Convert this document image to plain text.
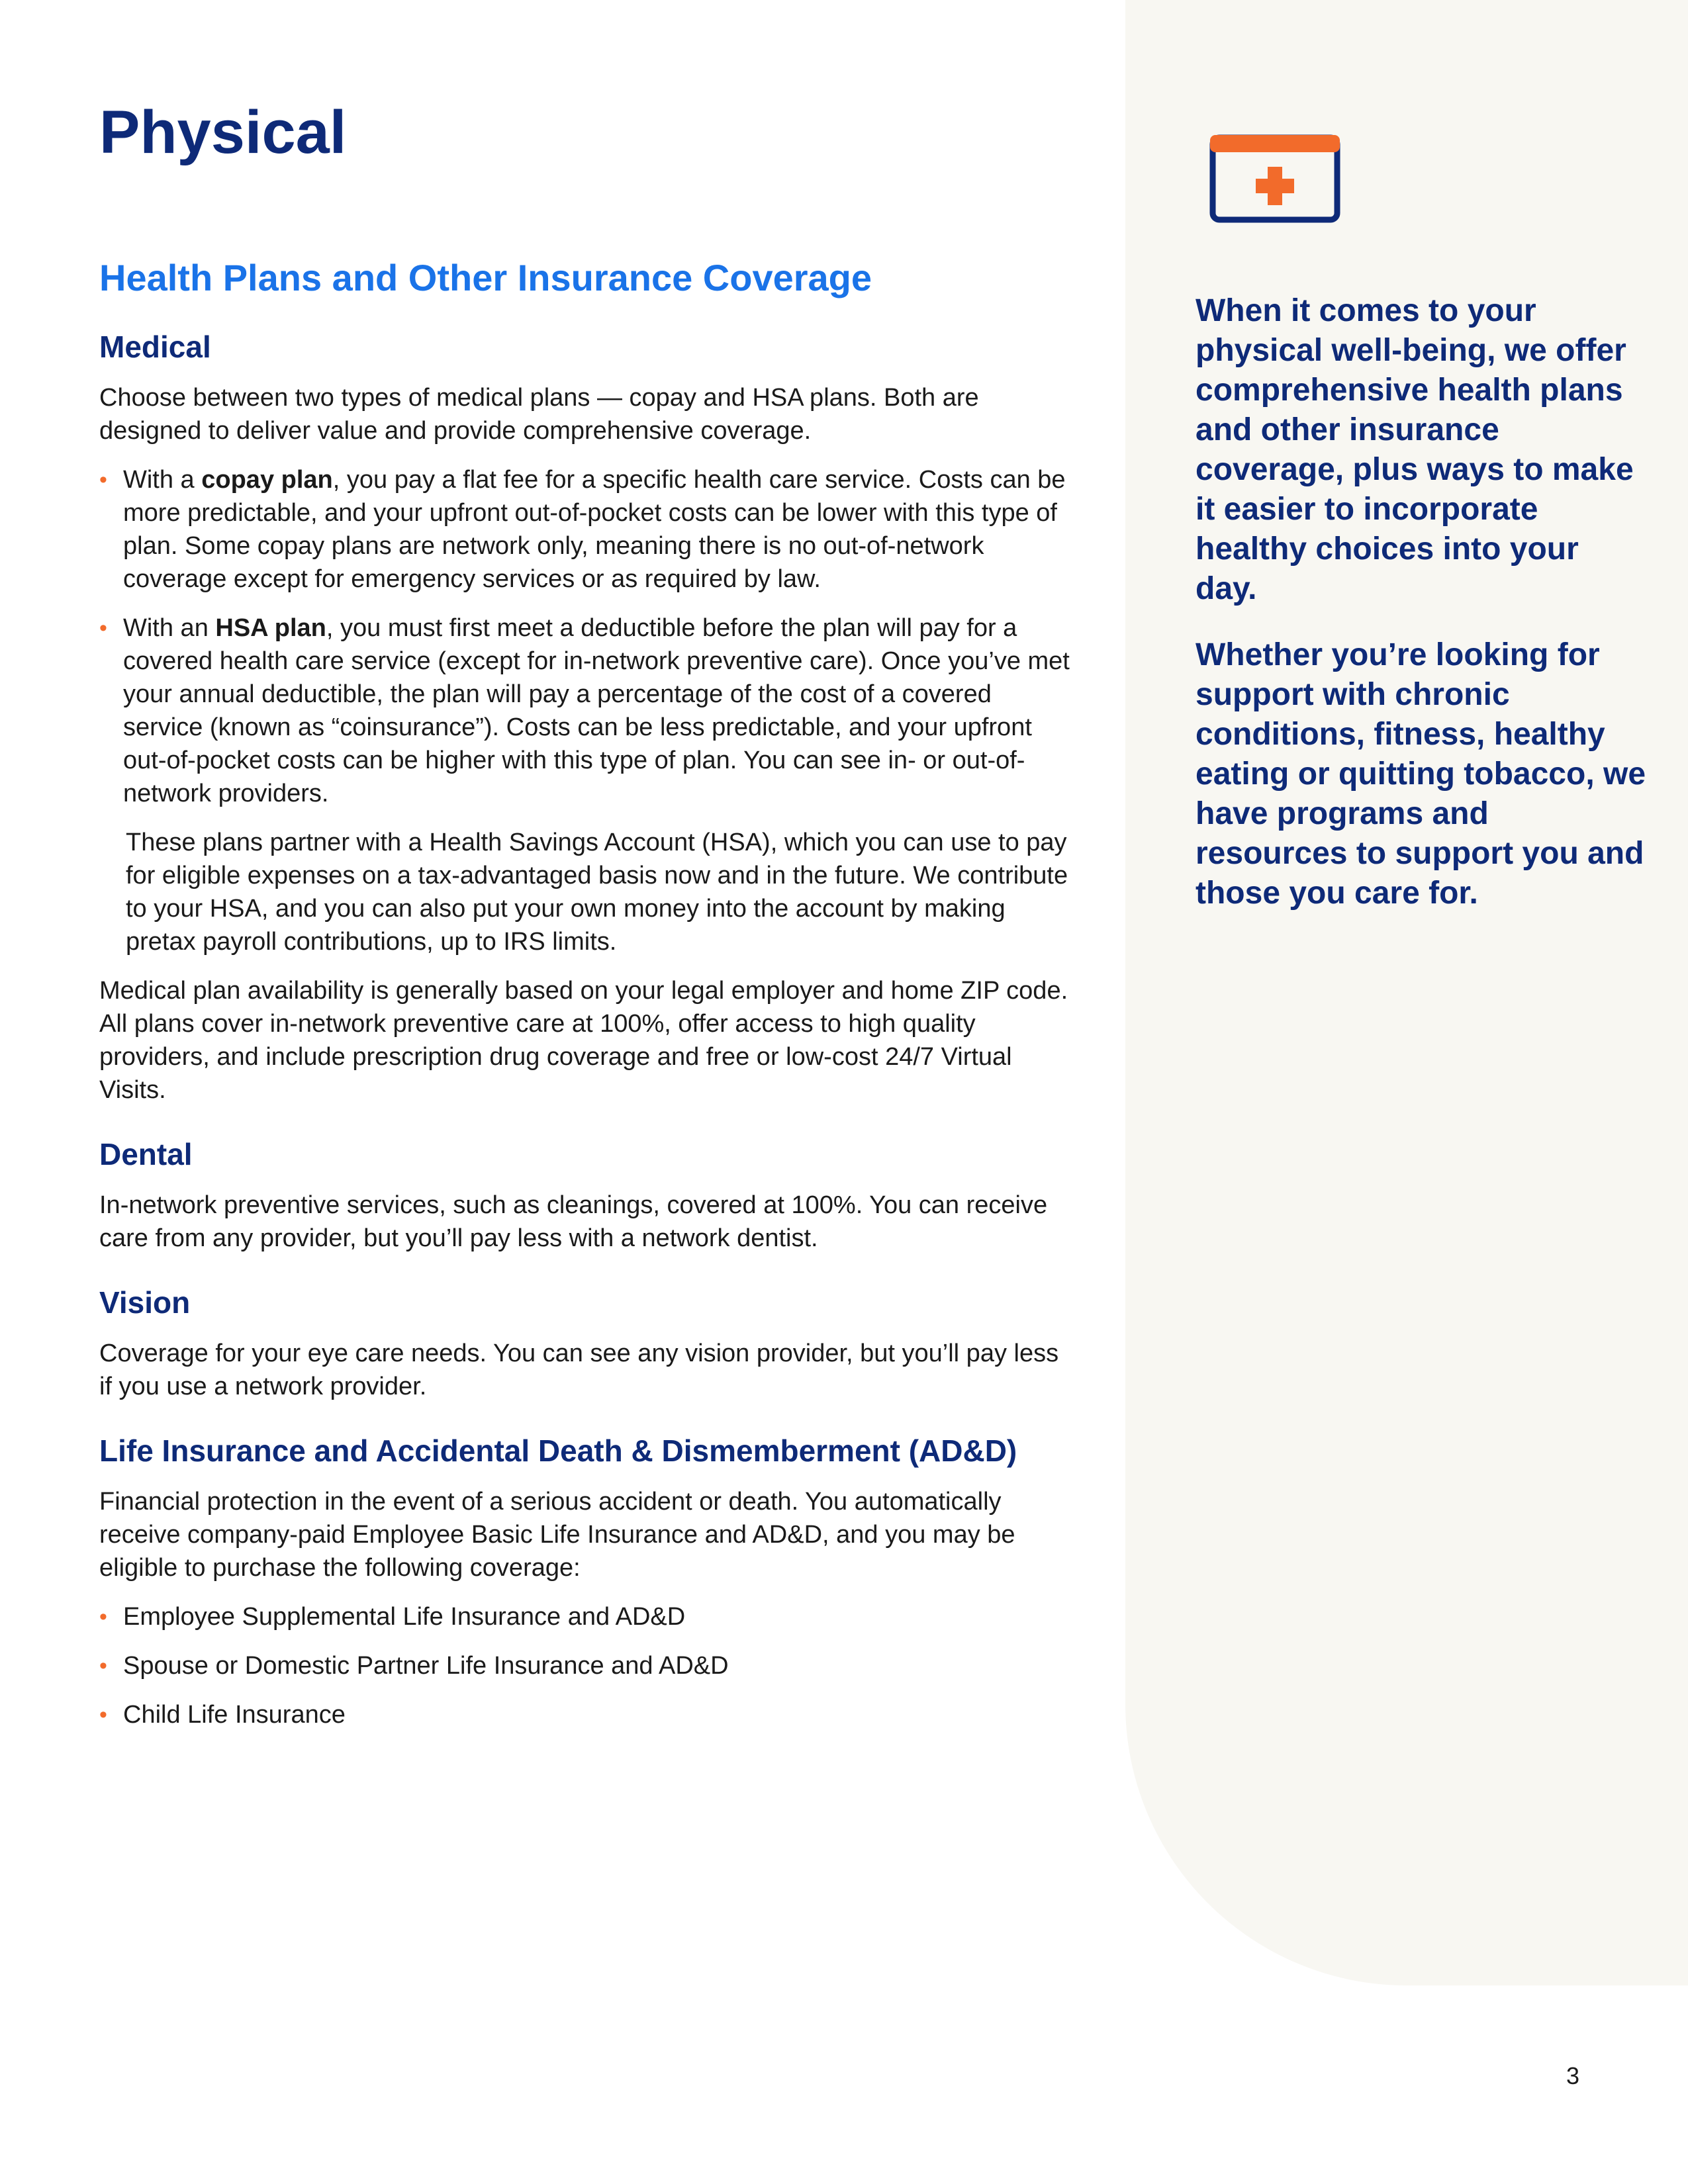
Physical
Health Plans and Other Insurance Coverage
Medical

Choose between two types of medical plans — copay and HSA plans. Both are designed to deliver value and provide comprehensive coverage.

• With a copay plan, you pay a flat fee for a specific health care service. Costs can be more predictable, and your upfront out-of-pocket costs can be lower with this type of plan. Some copay plans are network only, meaning there is no out-of-network coverage except for emergency services or as required by law.
• With an HSA plan, you must first meet a deductible before the plan will pay for a covered health care service (except for in-network preventive care). Once you’ve met your annual deductible, the plan will pay a percentage of the cost of a covered service (known as “coinsurance”). Costs can be less predictable, and your upfront out-of-pocket costs can be higher with this type of plan. You can see in- or out-of-network providers.

These plans partner with a Health Savings Account (HSA), which you can use to pay for eligible expenses on a tax-advantaged basis now and in the future. We contribute to your HSA, and you can also put your own money into the account by making pretax payroll contributions, up to IRS limits.

Medical plan availability is generally based on your legal employer and home ZIP code. All plans cover in-network preventive care at 100%, offer access to high quality providers, and include prescription drug coverage and free or low-cost 24/7 Virtual Visits.

Dental

In-network preventive services, such as cleanings, covered at 100%. You can receive care from any provider, but you’ll pay less with a network dentist.

Vision

Coverage for your eye care needs. You can see any vision provider, but you’ll pay less if you use a network provider.

Life Insurance and Accidental Death & Dismemberment (AD&D)

Financial protection in the event of a serious accident or death. You automatically receive company-paid Employee Basic Life Insurance and AD&D, and you may be eligible to purchase the following coverage:

• Employee Supplemental Life Insurance and AD&D
• Spouse or Domestic Partner Life Insurance and AD&D
• Child Life Insurance

When it comes to your physical well-being, we offer comprehensive health plans and other insurance coverage, plus ways to make it easier to incorporate healthy choices into your day.

Whether you’re looking for support with chronic conditions, fitness, healthy eating or quitting tobacco, we have programs and resources to support you and those you care for.

3
